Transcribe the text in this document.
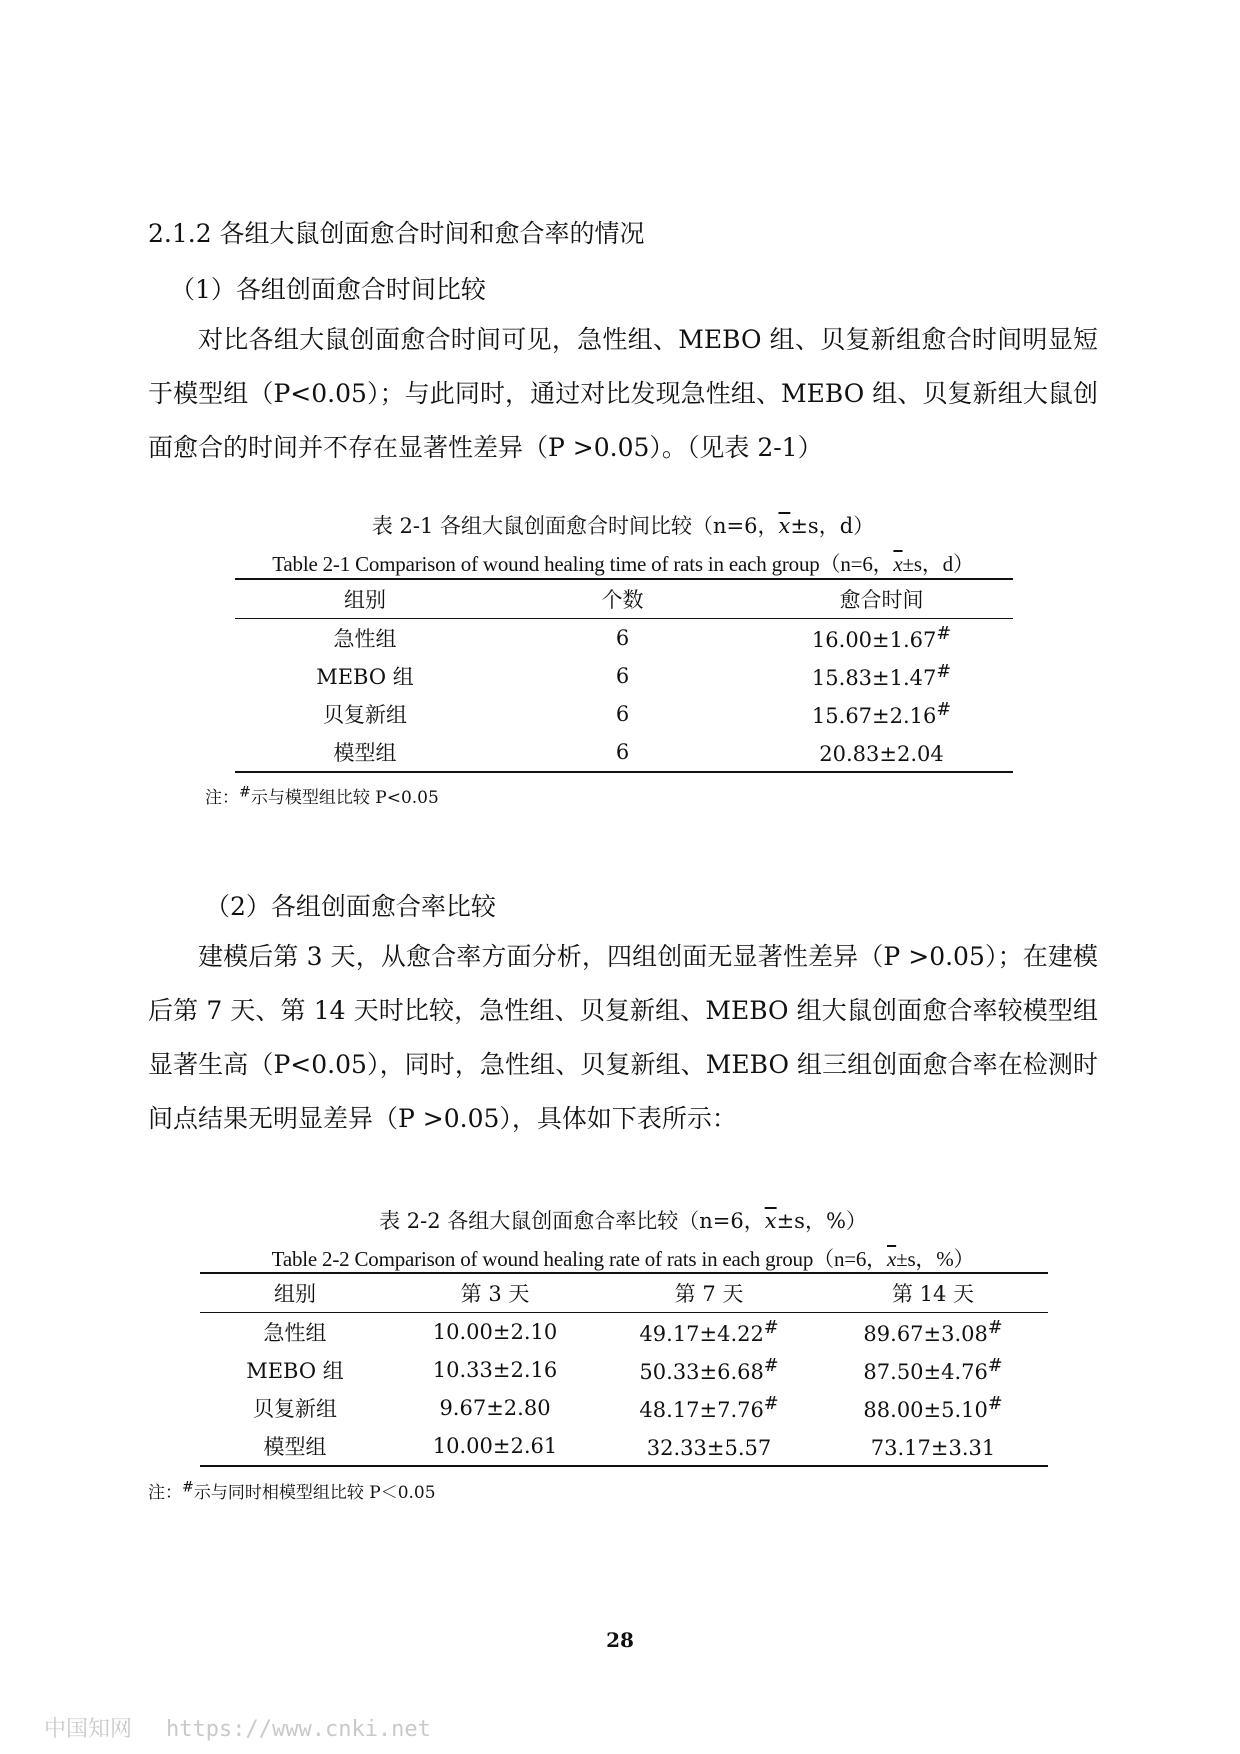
2.1.2 各组大鼠创面愈合时间和愈合率的情况
（1）各组创面愈合时间比较

对比各组大鼠创面愈合时间可见，急性组、MEBO 组、贝复新组愈合时间明显短于模型组（P<0.05）；与此同时，通过对比发现急性组、MEBO 组、贝复新组大鼠创面愈合的时间并不存在显著性差异（P >0.05）。（见表 2-1）

表 2-1 各组大鼠创面愈合时间比较（n=6，$\overline{x}\pm s$，d）
Table 2-1 Comparison of wound healing time of rats in each group（n=6，$\overline{x}\pm s$，d）
组别	个数	愈合时间
急性组	6	16.00±1.67#
MEBO 组	6	15.83±1.47#
贝复新组	6	15.67±2.16#
模型组	6	20.83±2.04
注：#示与模型组比较 P<0.05
（2）各组创面愈合率比较

建模后第 3 天，从愈合率方面分析，四组创面无显著性差异（P >0.05）；在建模后第 7 天、第 14 天时比较，急性组、贝复新组、MEBO 组大鼠创面愈合率较模型组显著生高（P<0.05），同时，急性组、贝复新组、MEBO 组三组创面愈合率在检测时间点结果无明显差异（P >0.05），具体如下表所示：

表 2-2 各组大鼠创面愈合率比较（n=6，$\overline{x}\pm s$，%）
Table 2-2 Comparison of wound healing rate of rats in each group（n=6，$\overline{x}\pm s$，%）
组别	第 3 天	第 7 天	第 14 天
急性组	10.00±2.10	49.17±4.22#	89.67±3.08#
MEBO 组	10.33±2.16	50.33±6.68#	87.50±4.76#
贝复新组	9.67±2.80	48.17±7.76#	88.00±5.10#
模型组	10.00±2.61	32.33±5.57	73.17±3.31
注：#示与同时相模型组比较 P＜0.05
28
中国知网 https://www.cnki.net
